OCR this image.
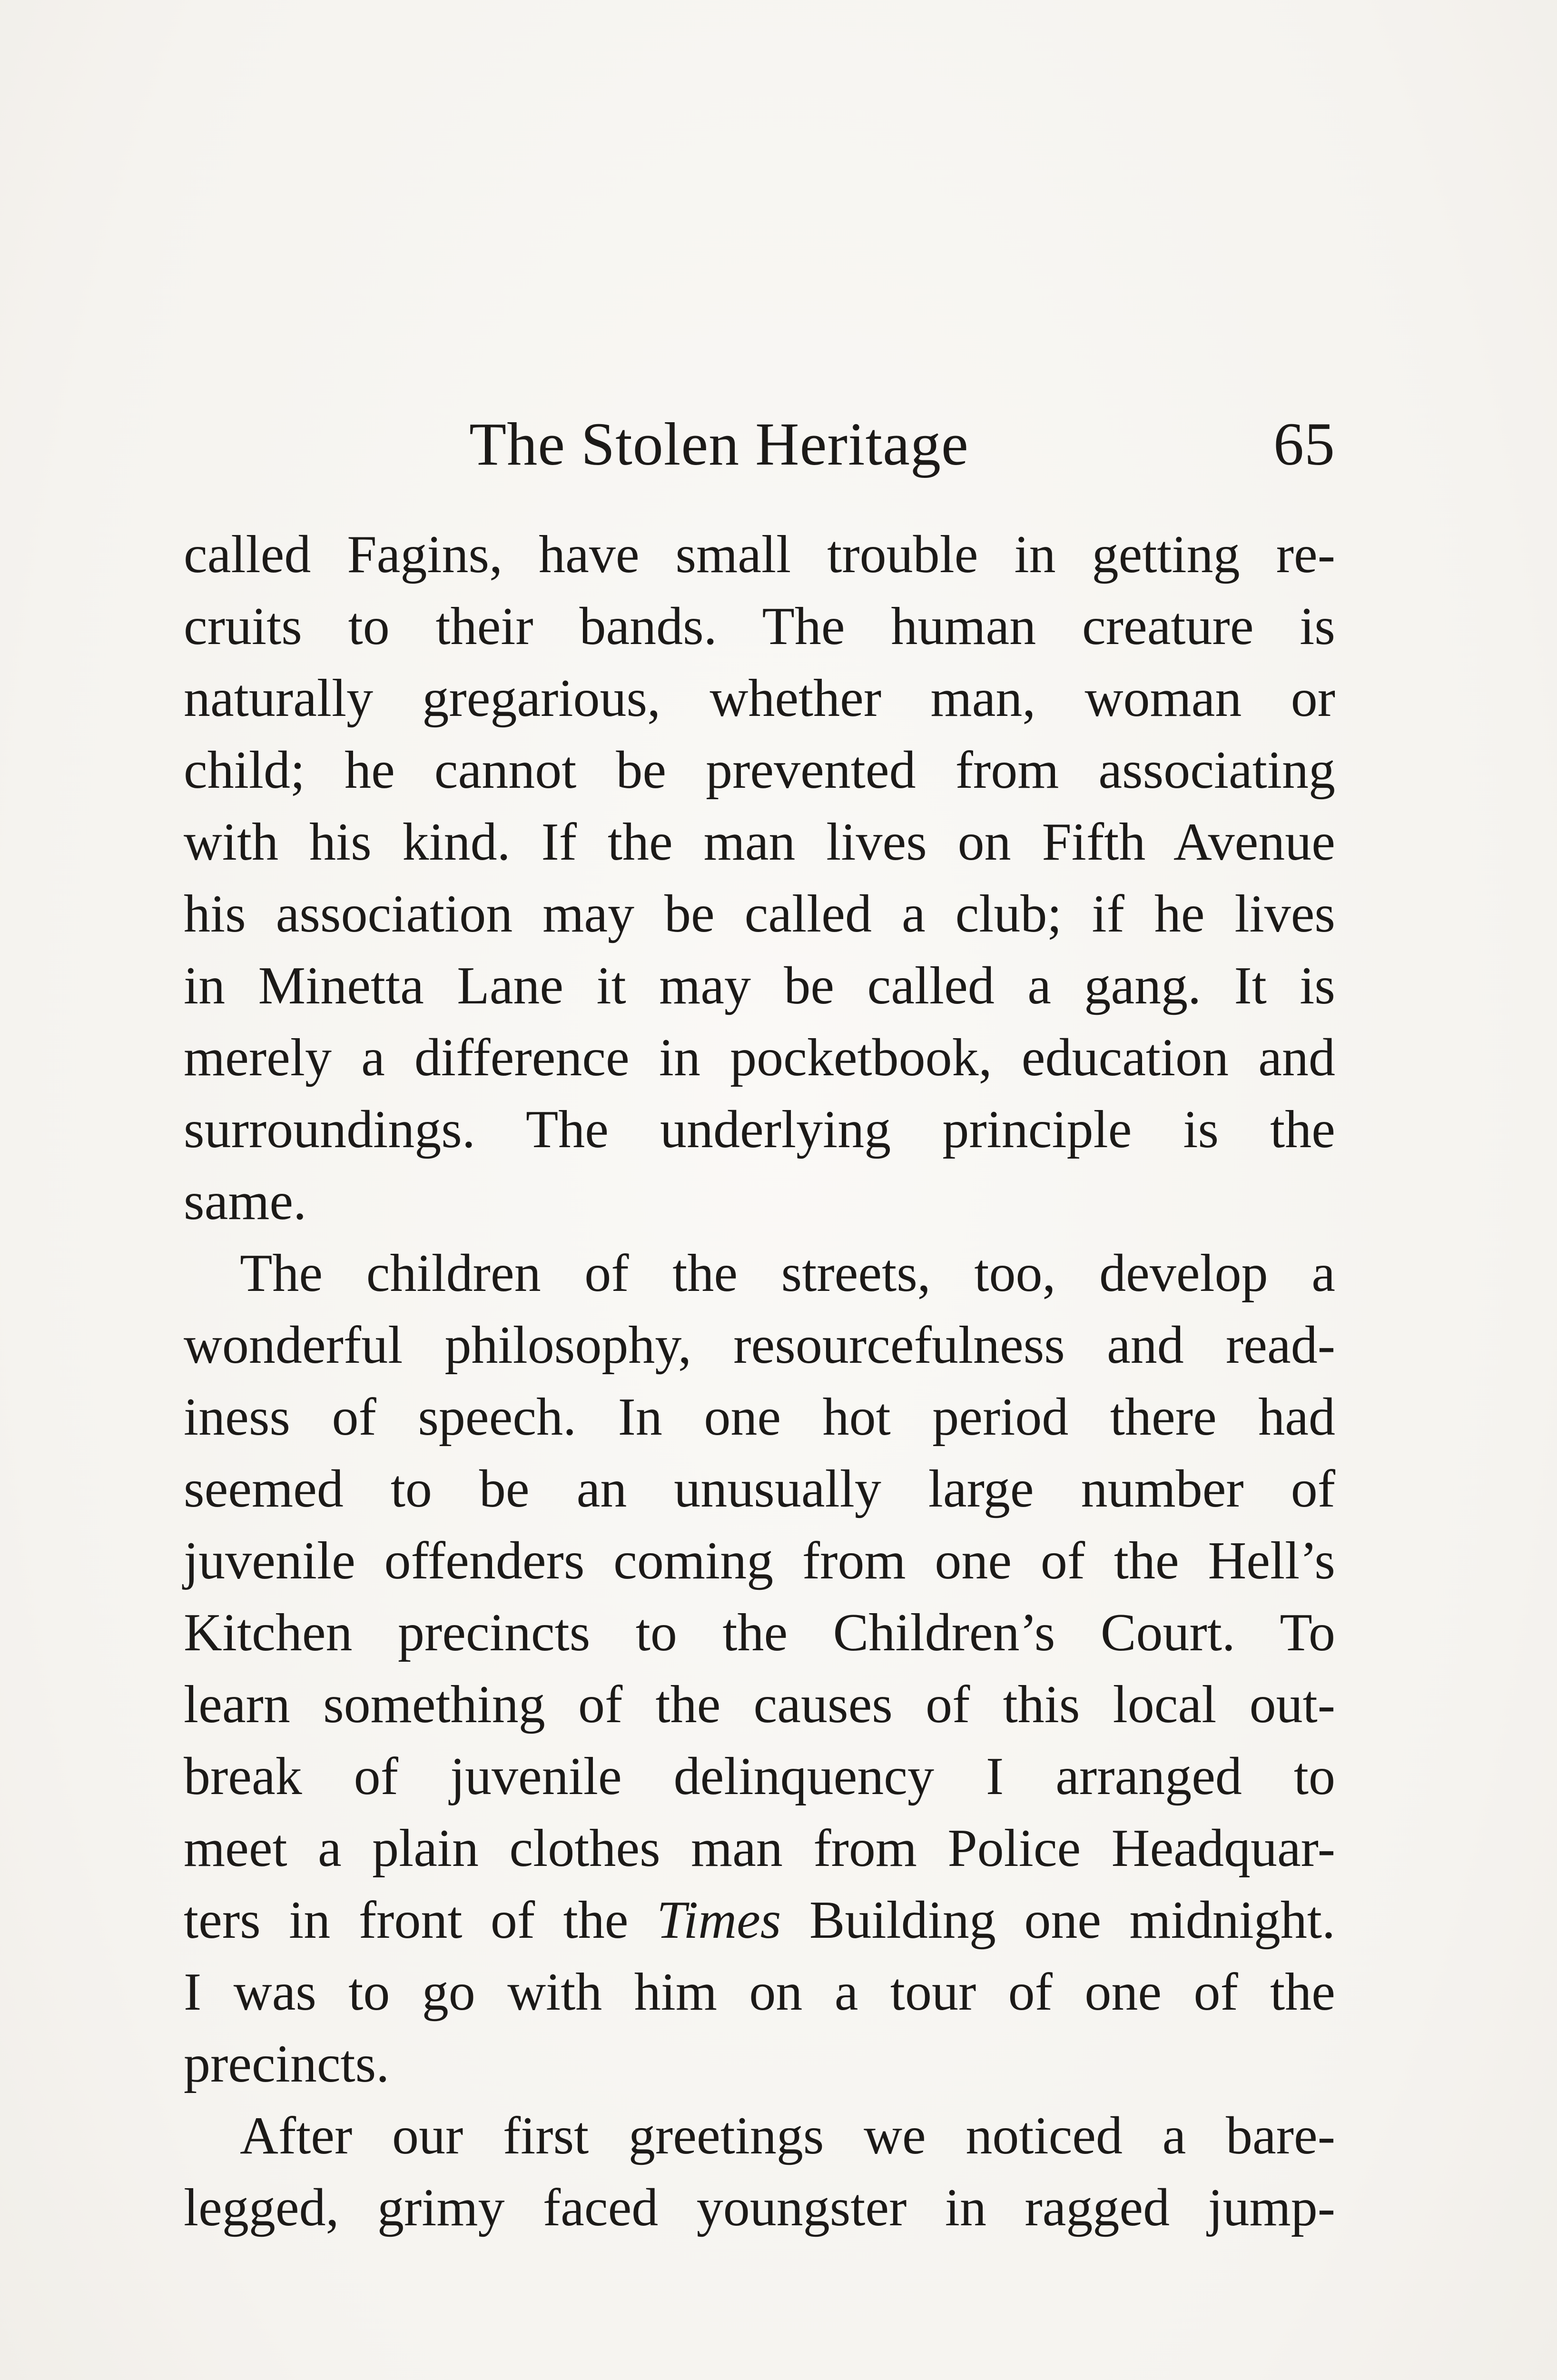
The Stolen Heritage	65
called Fagins, have small trouble in getting re-
cruits to their bands. The human creature is
naturally gregarious, whether man, woman or
child; he cannot be prevented from associating
with his kind. If the man lives on Fifth Avenue
his association may be called a club; if he lives
in Minetta Lane it may be called a gang. It is
merely a difference in pocketbook, education and
surroundings. The underlying principle is the
same.
The children of the streets, too, develop a
wonderful philosophy, resourcefulness and read-
iness of speech. In one hot period there had
seemed to be an unusually large number of
juvenile offenders coming from one of the Hell’s
Kitchen precincts to the Children’s Court. To
learn something of the causes of this local out-
break of juvenile delinquency I arranged to
meet a plain clothes man from Police Headquar-
ters in front of the Times Building one midnight.
I was to go with him on a tour of one of the
precincts.
After our first greetings we noticed a bare-
legged, grimy faced youngster in ragged jump-
